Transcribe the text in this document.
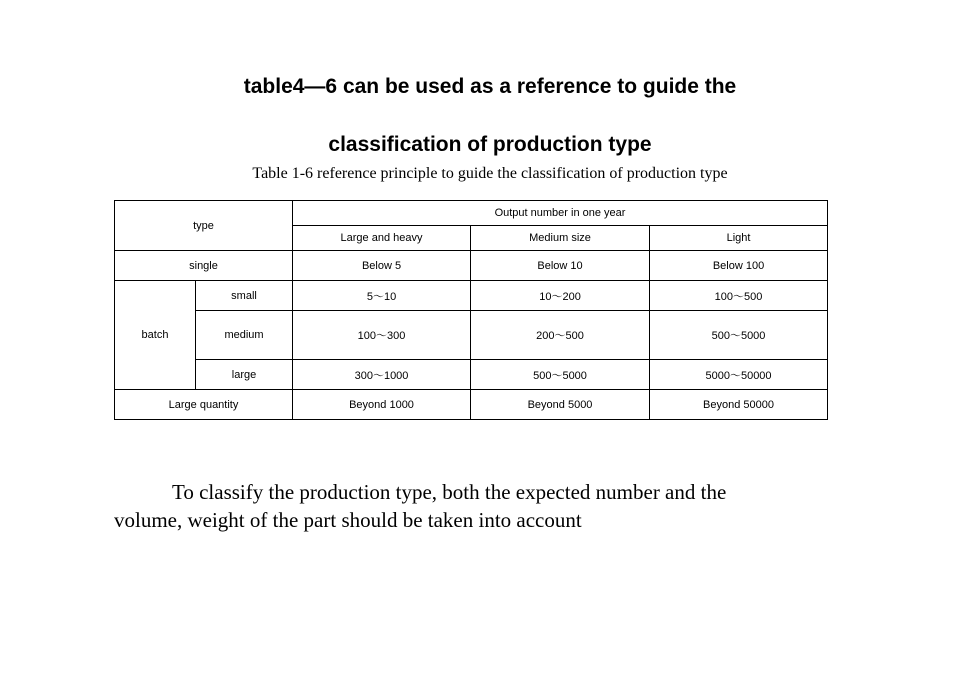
table4—6 can be used as a reference to guide the
classification of production type
Table 1-6 reference principle to guide the classification of production type
type		Output number in one year		
		Large and heavy	Medium size	Light
single		Below 5	Below 10	Below 100
batch	small	5～10	10～200	100～500
	medium	100～300	200～500	500～5000
	large	300～1000	500～5000	5000～50000
Large quantity		Beyond 1000	Beyond 5000	Beyond 50000

To classify the production type, both the expected number and the
volume, weight of the part should be taken into account
